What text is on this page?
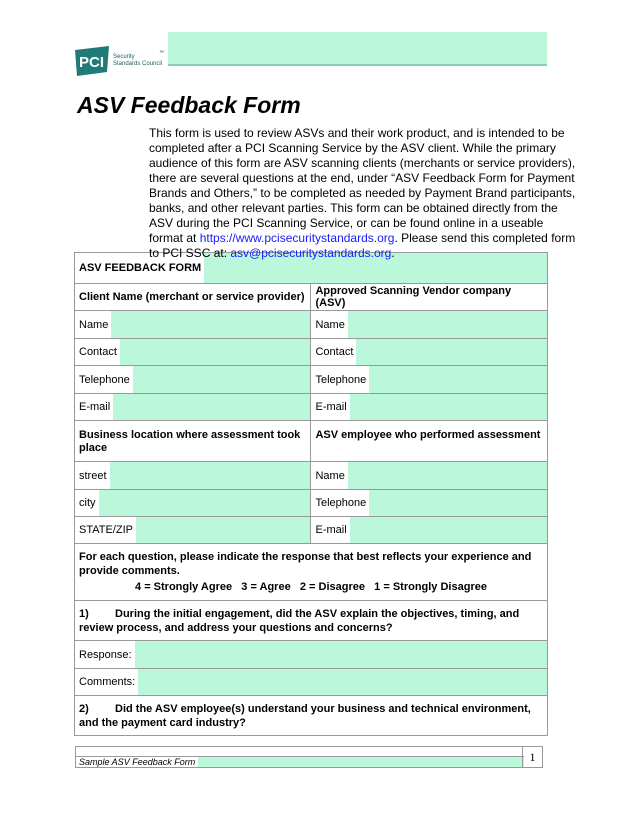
PCI Security
Standards Council
™
ASV Feedback Form
This form is used to review ASVs and their work product, and is intended to be completed after a PCI Scanning Service by the ASV client. While the primary audience of this form are ASV scanning clients (merchants or service providers), there are several questions at the end, under “ASV Feedback Form for Payment Brands and Others,” to be completed as needed by Payment Brand participants, banks, and other relevant parties. This form can be obtained directly from the ASV during the PCI Scanning Service, or can be found online in a useable format at https://www.pcisecuritystandards.org. Please send this completed form to PCI SSC at: asv@pcisecuritystandards.org.
ASV FEEDBACK FORM	

Client Name (merchant or service provider)	Approved Scanning Vendor company (ASV)

Name	Name

Contact	Contact

Telephone	Telephone

E-mail	E-mail

Business location where assessment took place	ASV employee who performed assessment

street	Name

city	Telephone

STATE/ZIP	E-mail

For each question, please indicate the response that best reflects your experience and provide comments.
4 = Strongly Agree   3 = Agree   2 = Disagree   1 = Strongly Disagree	

1) During the initial engagement, did the ASV explain the objectives, timing, and review process, and address your questions and concerns?	

Response:	

Comments:	

2) Did the ASV employee(s) understand your business and technical environment, and the payment card industry?	
Sample ASV Feedback Form	1
